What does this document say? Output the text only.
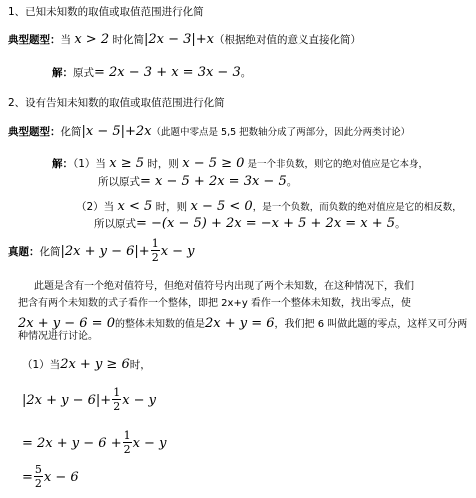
1、已知未知数的取值或取值范围进行化简
典型题型：当 x > 2 时化简|2x − 3|+x（根据绝对值的意义直接化简）
解：原式= 2x − 3 + x = 3x − 3。
2、设有告知未知数的取值或取值范围进行化简
典型题型：化简|x − 5|+2x（此题中零点是 5,5 把数轴分成了两部分，因此分两类讨论）
解：（1）当 x ≥ 5 时，则 x − 5 ≥ 0 是一个非负数，则它的绝对值应是它本身，
所以原式= x − 5 + 2x = 3x − 5。
（2）当 x < 5 时，则 x − 5 < 0，是一个负数，而负数的绝对值应是它的相反数，
所以原式= −(x − 5) + 2x = −x + 5 + 2x = x + 5。
真题：化简$|2x + y - 6|+ \frac{1}{2}$ x − y
此题是含有一个绝对值符号，但绝对值符号内出现了两个未知数，在这种情况下，我们
把含有两个未知数的式子看作一个整体，即把 2x+y 看作一个整体未知数，找出零点，使
2x + y − 6 = 0的整体未知数的值是2x + y = 6，我们把 6 叫做此题的零点，这样又可分两
种情况进行讨论。
（1）当2x + y ≥ 6时，
$|2x + y - 6|+ \frac{1}{2}$ x − y
= $2x + y - 6 + \frac{1}{2}$ x − y
= $\frac{5}{2}$ x − 6
